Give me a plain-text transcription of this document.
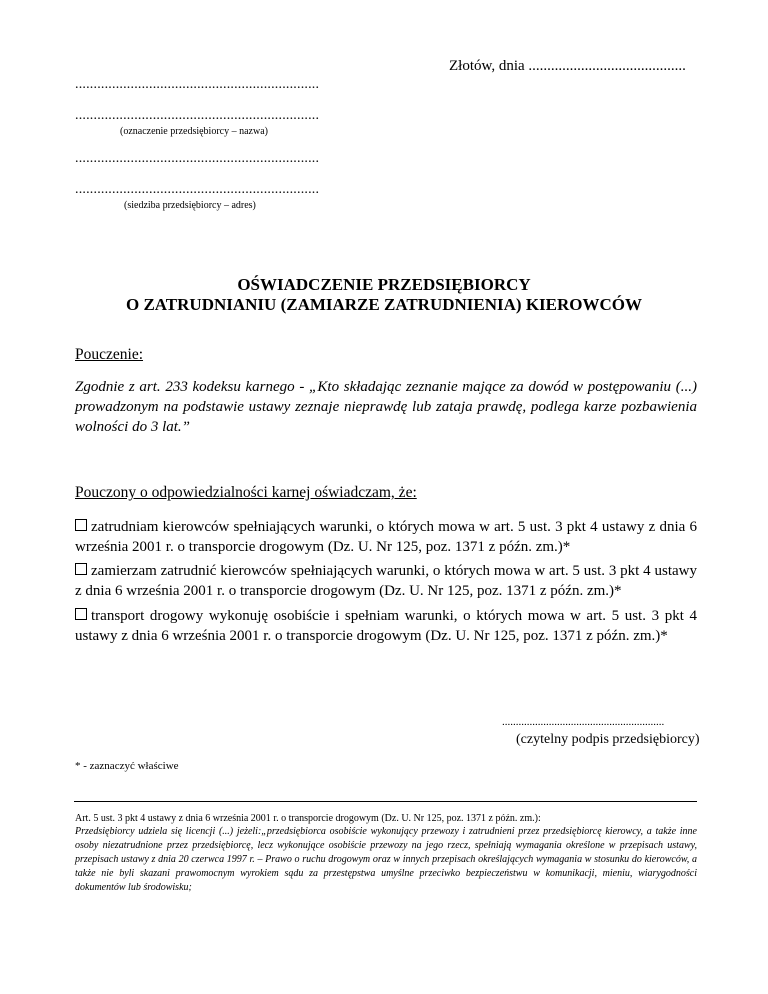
Złotów, dnia ..........................................
..................................................................
..................................................................
(oznaczenie przedsiębiorcy – nazwa)
..................................................................
..................................................................
(siedziba przedsiębiorcy – adres)
OŚWIADCZENIE PRZEDSIĘBIORCY
O ZATRUDNIANIU (ZAMIARZE ZATRUDNIENIA) KIEROWCÓW
Pouczenie:
Zgodnie z art. 233 kodeksu karnego - „Kto składając zeznanie mające za dowód w postępowaniu (...) prowadzonym na podstawie ustawy zeznaje nieprawdę lub zataja prawdę, podlega karze pozbawienia wolności do 3 lat.”
Pouczony o odpowiedzialności karnej oświadczam, że:
zatrudniam kierowców spełniających warunki, o których mowa w art. 5 ust. 3 pkt 4 ustawy z dnia 6 września 2001 r. o transporcie drogowym (Dz. U. Nr 125, poz. 1371 z późn. zm.)*
zamierzam zatrudnić kierowców spełniających warunki, o których mowa w art. 5 ust. 3 pkt 4 ustawy z dnia 6 września 2001 r. o transporcie drogowym (Dz. U. Nr 125, poz. 1371 z późn. zm.)*
transport drogowy wykonuję osobiście i spełniam warunki, o których mowa w art. 5 ust. 3 pkt 4 ustawy z dnia 6 września 2001 r. o transporcie drogowym (Dz. U. Nr 125, poz. 1371 z późn. zm.)*
...........................................................
(czytelny podpis przedsiębiorcy)
* - zaznaczyć właściwe
Art. 5 ust. 3 pkt 4 ustawy z dnia 6 września 2001 r. o transporcie drogowym (Dz. U. Nr 125, poz. 1371 z późn. zm.):
Przedsiębiorcy udziela się licencji (...) jeżeli:„przedsiębiorca osobiście wykonujący przewozy i zatrudnieni przez przedsiębiorcę kierowcy, a także inne osoby niezatrudnione przez przedsiębiorcę, lecz wykonujące osobiście przewozy na jego rzecz, spełniają wymagania określone w przepisach ustawy, przepisach ustawy z dnia 20 czerwca 1997 r. – Prawo o ruchu drogowym oraz w innych przepisach określających wymagania w stosunku do kierowców, a także nie byli skazani prawomocnym wyrokiem sądu za przestępstwa umyślne przeciwko bezpieczeństwu w komunikacji, mieniu, wiarygodności dokumentów lub środowisku;
